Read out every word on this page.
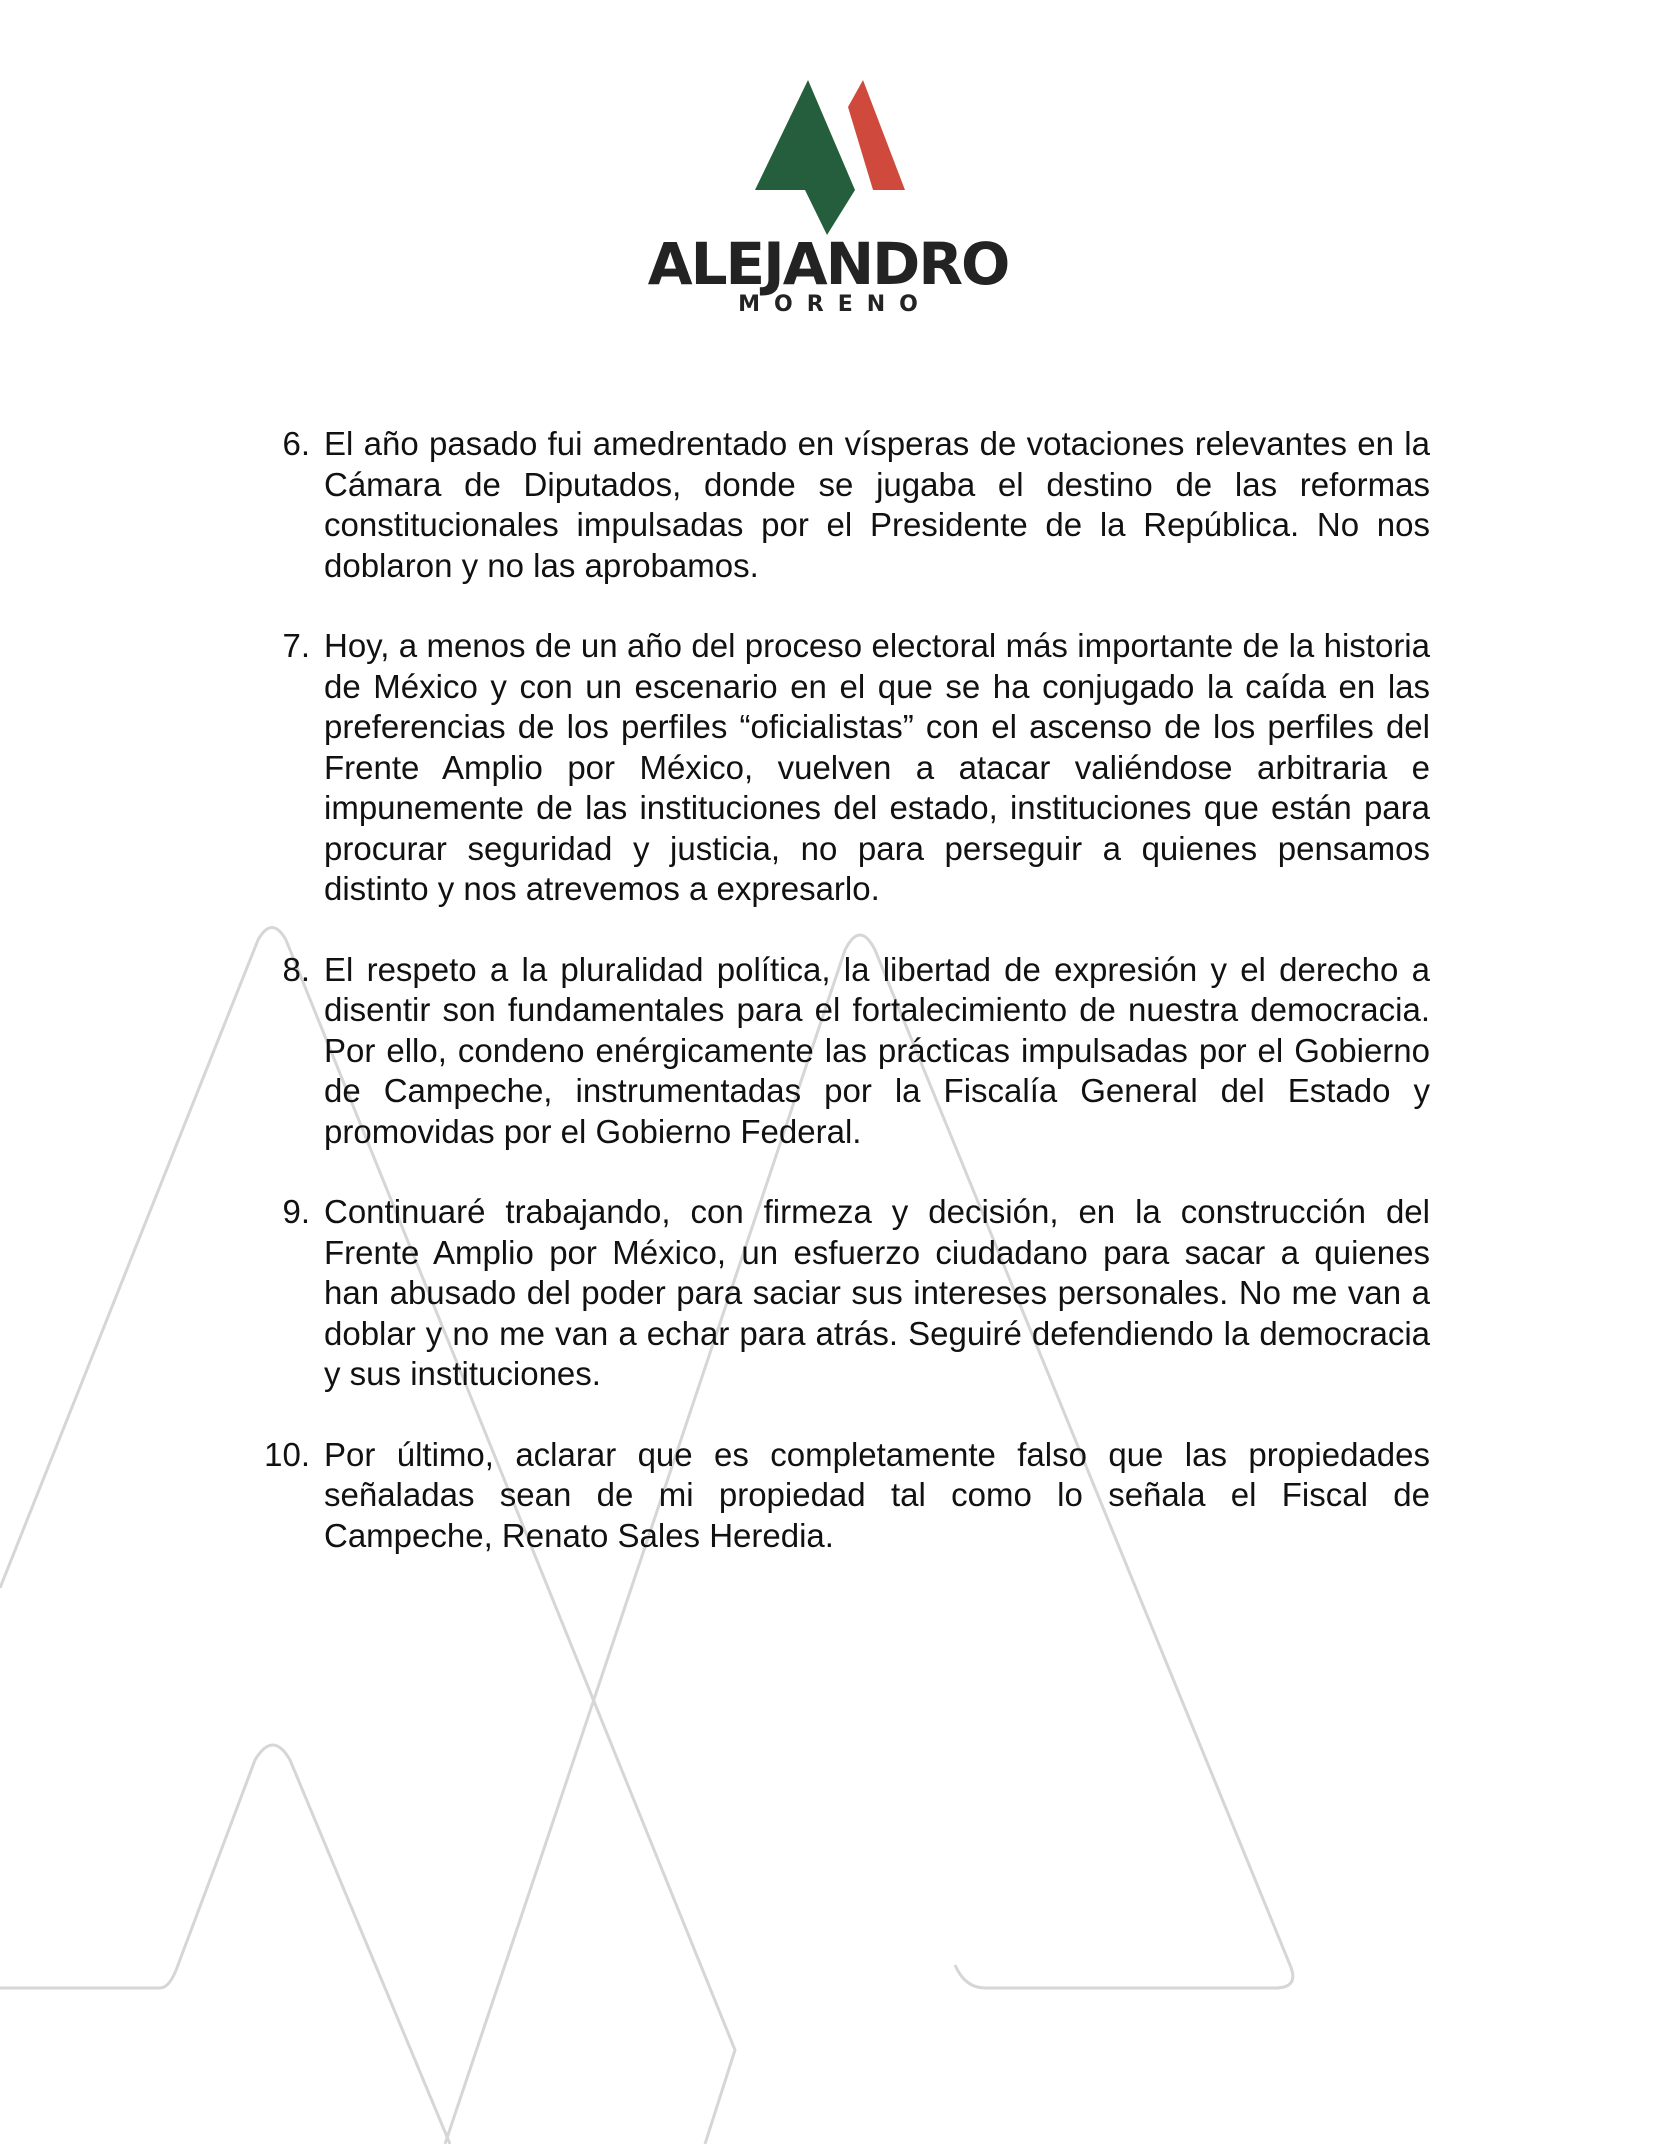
ALEJANDRO
MORENO
6. El año pasado fui amedrentado en vísperas de votaciones relevantes en la Cámara de Diputados, donde se jugaba el destino de las reformas constitucionales impulsadas por el Presidente de la República. No nos doblaron y no las aprobamos.
7. Hoy, a menos de un año del proceso electoral más importante de la historia de México y con un escenario en el que se ha conjugado la caída en las preferencias de los perfiles “oficialistas” con el ascenso de los perfiles del Frente Amplio por México, vuelven a atacar valiéndose arbitraria e impunemente de las instituciones del estado, instituciones que están para procurar seguridad y justicia, no para perseguir a quienes pensamos distinto y nos atrevemos a expresarlo.
8. El respeto a la pluralidad política, la libertad de expresión y el derecho a disentir son fundamentales para el fortalecimiento de nuestra democracia. Por ello, condeno enérgicamente las prácticas impulsadas por el Gobierno de Campeche, instrumentadas por la Fiscalía General del Estado y promovidas por el Gobierno Federal.
9. Continuaré trabajando, con firmeza y decisión, en la construcción del Frente Amplio por México, un esfuerzo ciudadano para sacar a quienes han abusado del poder para saciar sus intereses personales. No me van a doblar y no me van a echar para atrás. Seguiré defendiendo la democracia y sus instituciones.
10. Por último, aclarar que es completamente falso que las propiedades señaladas sean de mi propiedad tal como lo señala el Fiscal de Campeche, Renato Sales Heredia.
